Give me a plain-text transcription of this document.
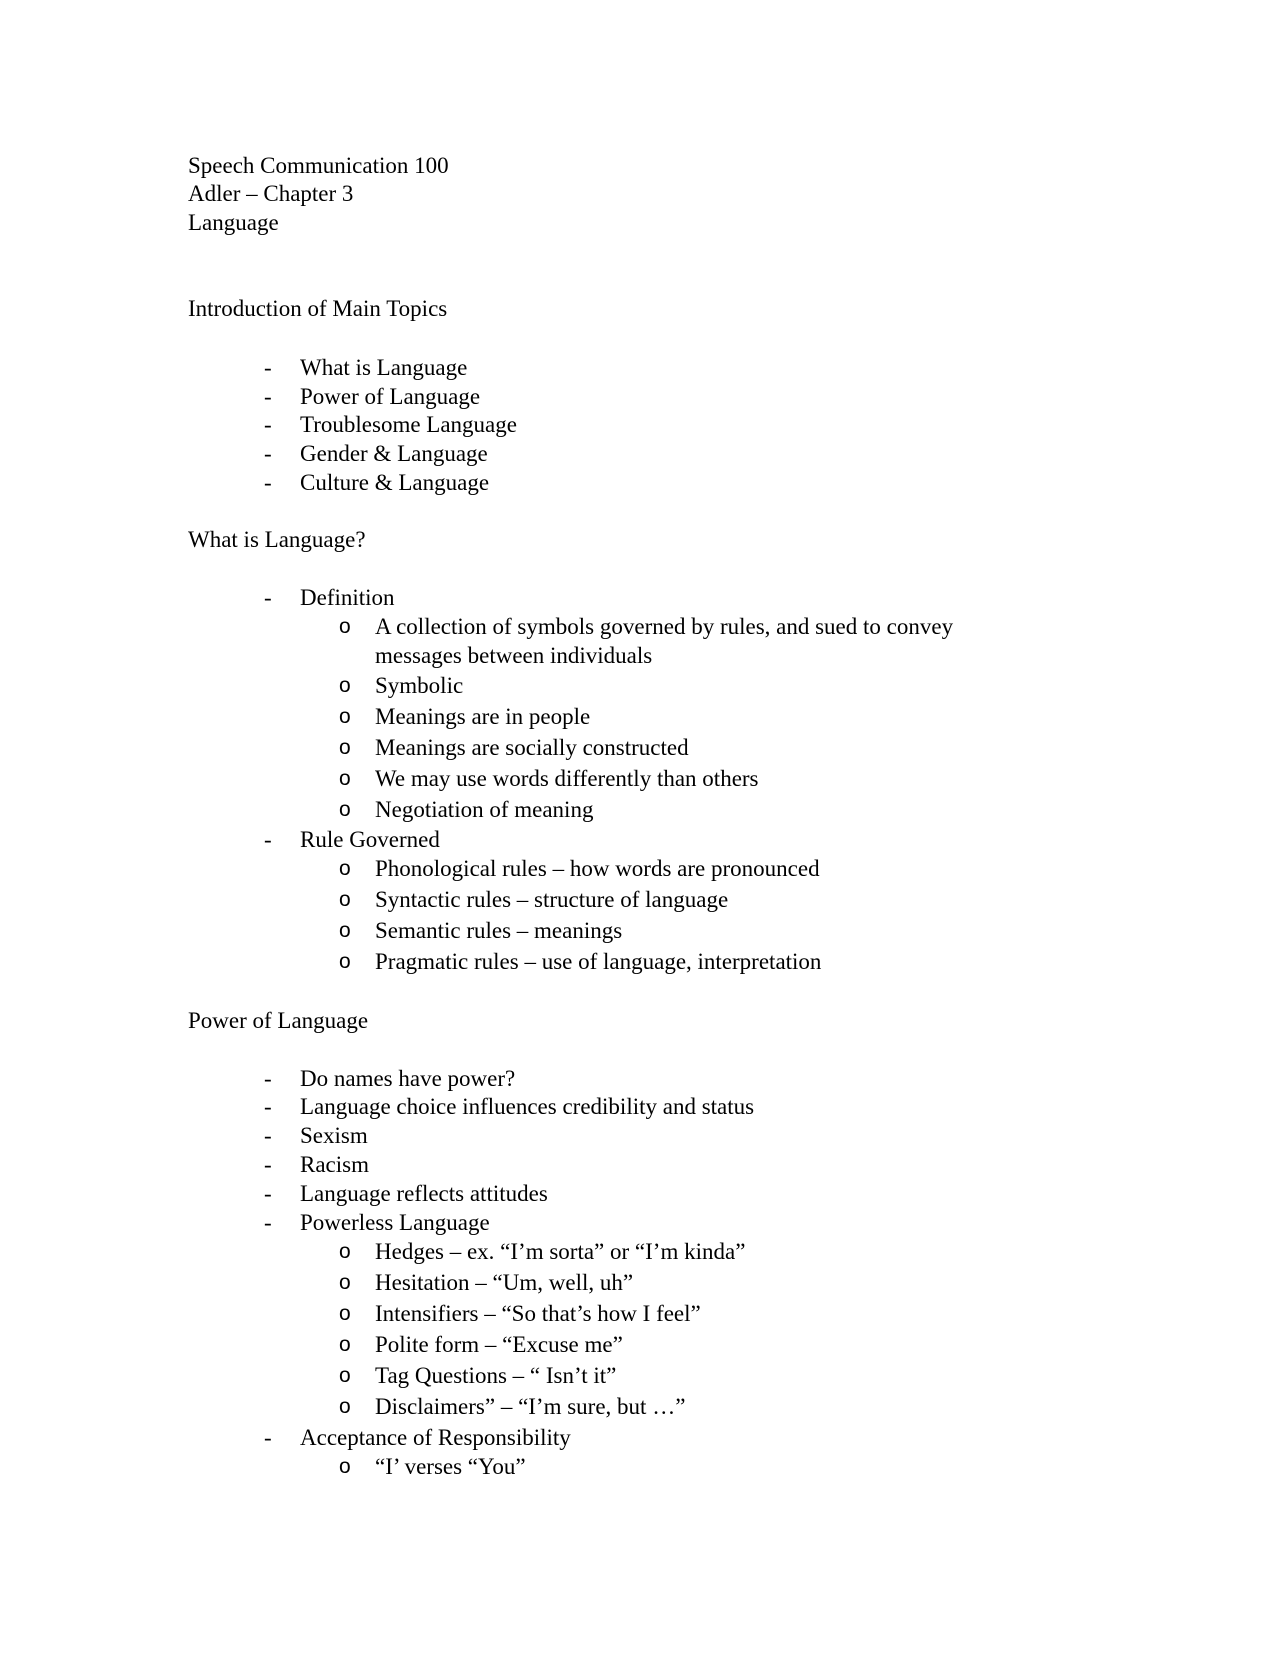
Speech Communication 100

Adler – Chapter 3

Language

Introduction of Main Topics

- What is Language

- Power of Language

- Troublesome Language

- Gender & Language

- Culture & Language

What is Language?

- Definition

o A collection of symbols governed by rules, and sued to convey

messages between individuals

o Symbolic

o Meanings are in people

o Meanings are socially constructed

o We may use words differently than others

o Negotiation of meaning

- Rule Governed

o Phonological rules – how words are pronounced

o Syntactic rules – structure of language

o Semantic rules – meanings

o Pragmatic rules – use of language, interpretation

Power of Language

- Do names have power?

- Language choice influences credibility and status

- Sexism

- Racism

- Language reflects attitudes

- Powerless Language

o Hedges – ex. “I’m sorta” or “I’m kinda”

o Hesitation – “Um, well, uh”

o Intensifiers – “So that’s how I feel”

o Polite form – “Excuse me”

o Tag Questions – “ Isn’t it”

o Disclaimers” – “I’m sure, but …”

- Acceptance of Responsibility

o “I’ verses “You”
